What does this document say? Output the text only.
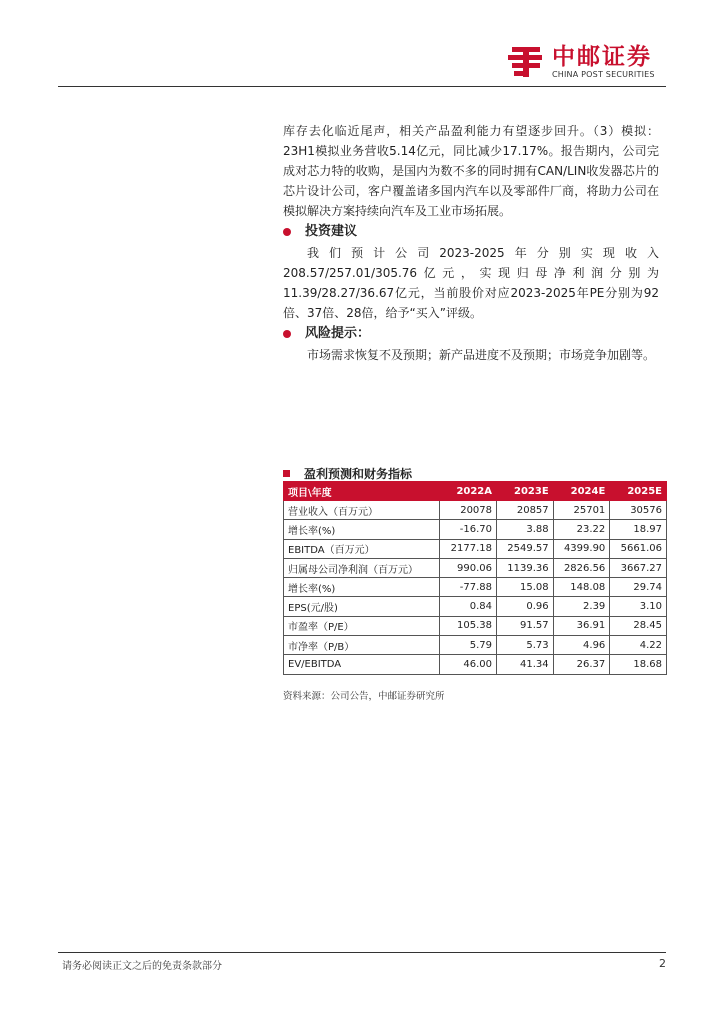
中邮证券
CHINA POST SECURITIES

库存去化临近尾声，相关产品盈利能力有望逐步回升。（3）模拟：23H1模拟业务营收5.14亿元，同比减少17.17%。报告期内，公司完成对芯力特的收购，是国内为数不多的同时拥有CAN/LIN收发器芯片的芯片设计公司，客户覆盖诸多国内汽车以及零部件厂商，将助力公司在模拟解决方案持续向汽车及工业市场拓展。

投资建议

我们预计公司2023-2025年分别实现收入208.57/257.01/305.76亿元，实现归母净利润分别为11.39/28.27/36.67亿元，当前股价对应2023-2025年PE分别为92倍、37倍、28倍，给予“买入”评级。

风险提示：

市场需求恢复不及预期；新产品进度不及预期；市场竞争加剧等。

盈利预测和财务指标
项目\年度	2022A	2023E	2024E	2025E
营业收入（百万元）	20078	20857	25701	30576
增长率(%)	-16.70	3.88	23.22	18.97
EBITDA（百万元）	2177.18	2549.57	4399.90	5661.06
归属母公司净利润（百万元）	990.06	1139.36	2826.56	3667.27
增长率(%)	-77.88	15.08	148.08	29.74
EPS(元/股)	0.84	0.96	2.39	3.10
市盈率（P/E）	105.38	91.57	36.91	28.45
市净率（P/B）	5.79	5.73	4.96	4.22
EV/EBITDA	46.00	41.34	26.37	18.68
资料来源：公司公告，中邮证券研究所
请务必阅读正文之后的免责条款部分	2
